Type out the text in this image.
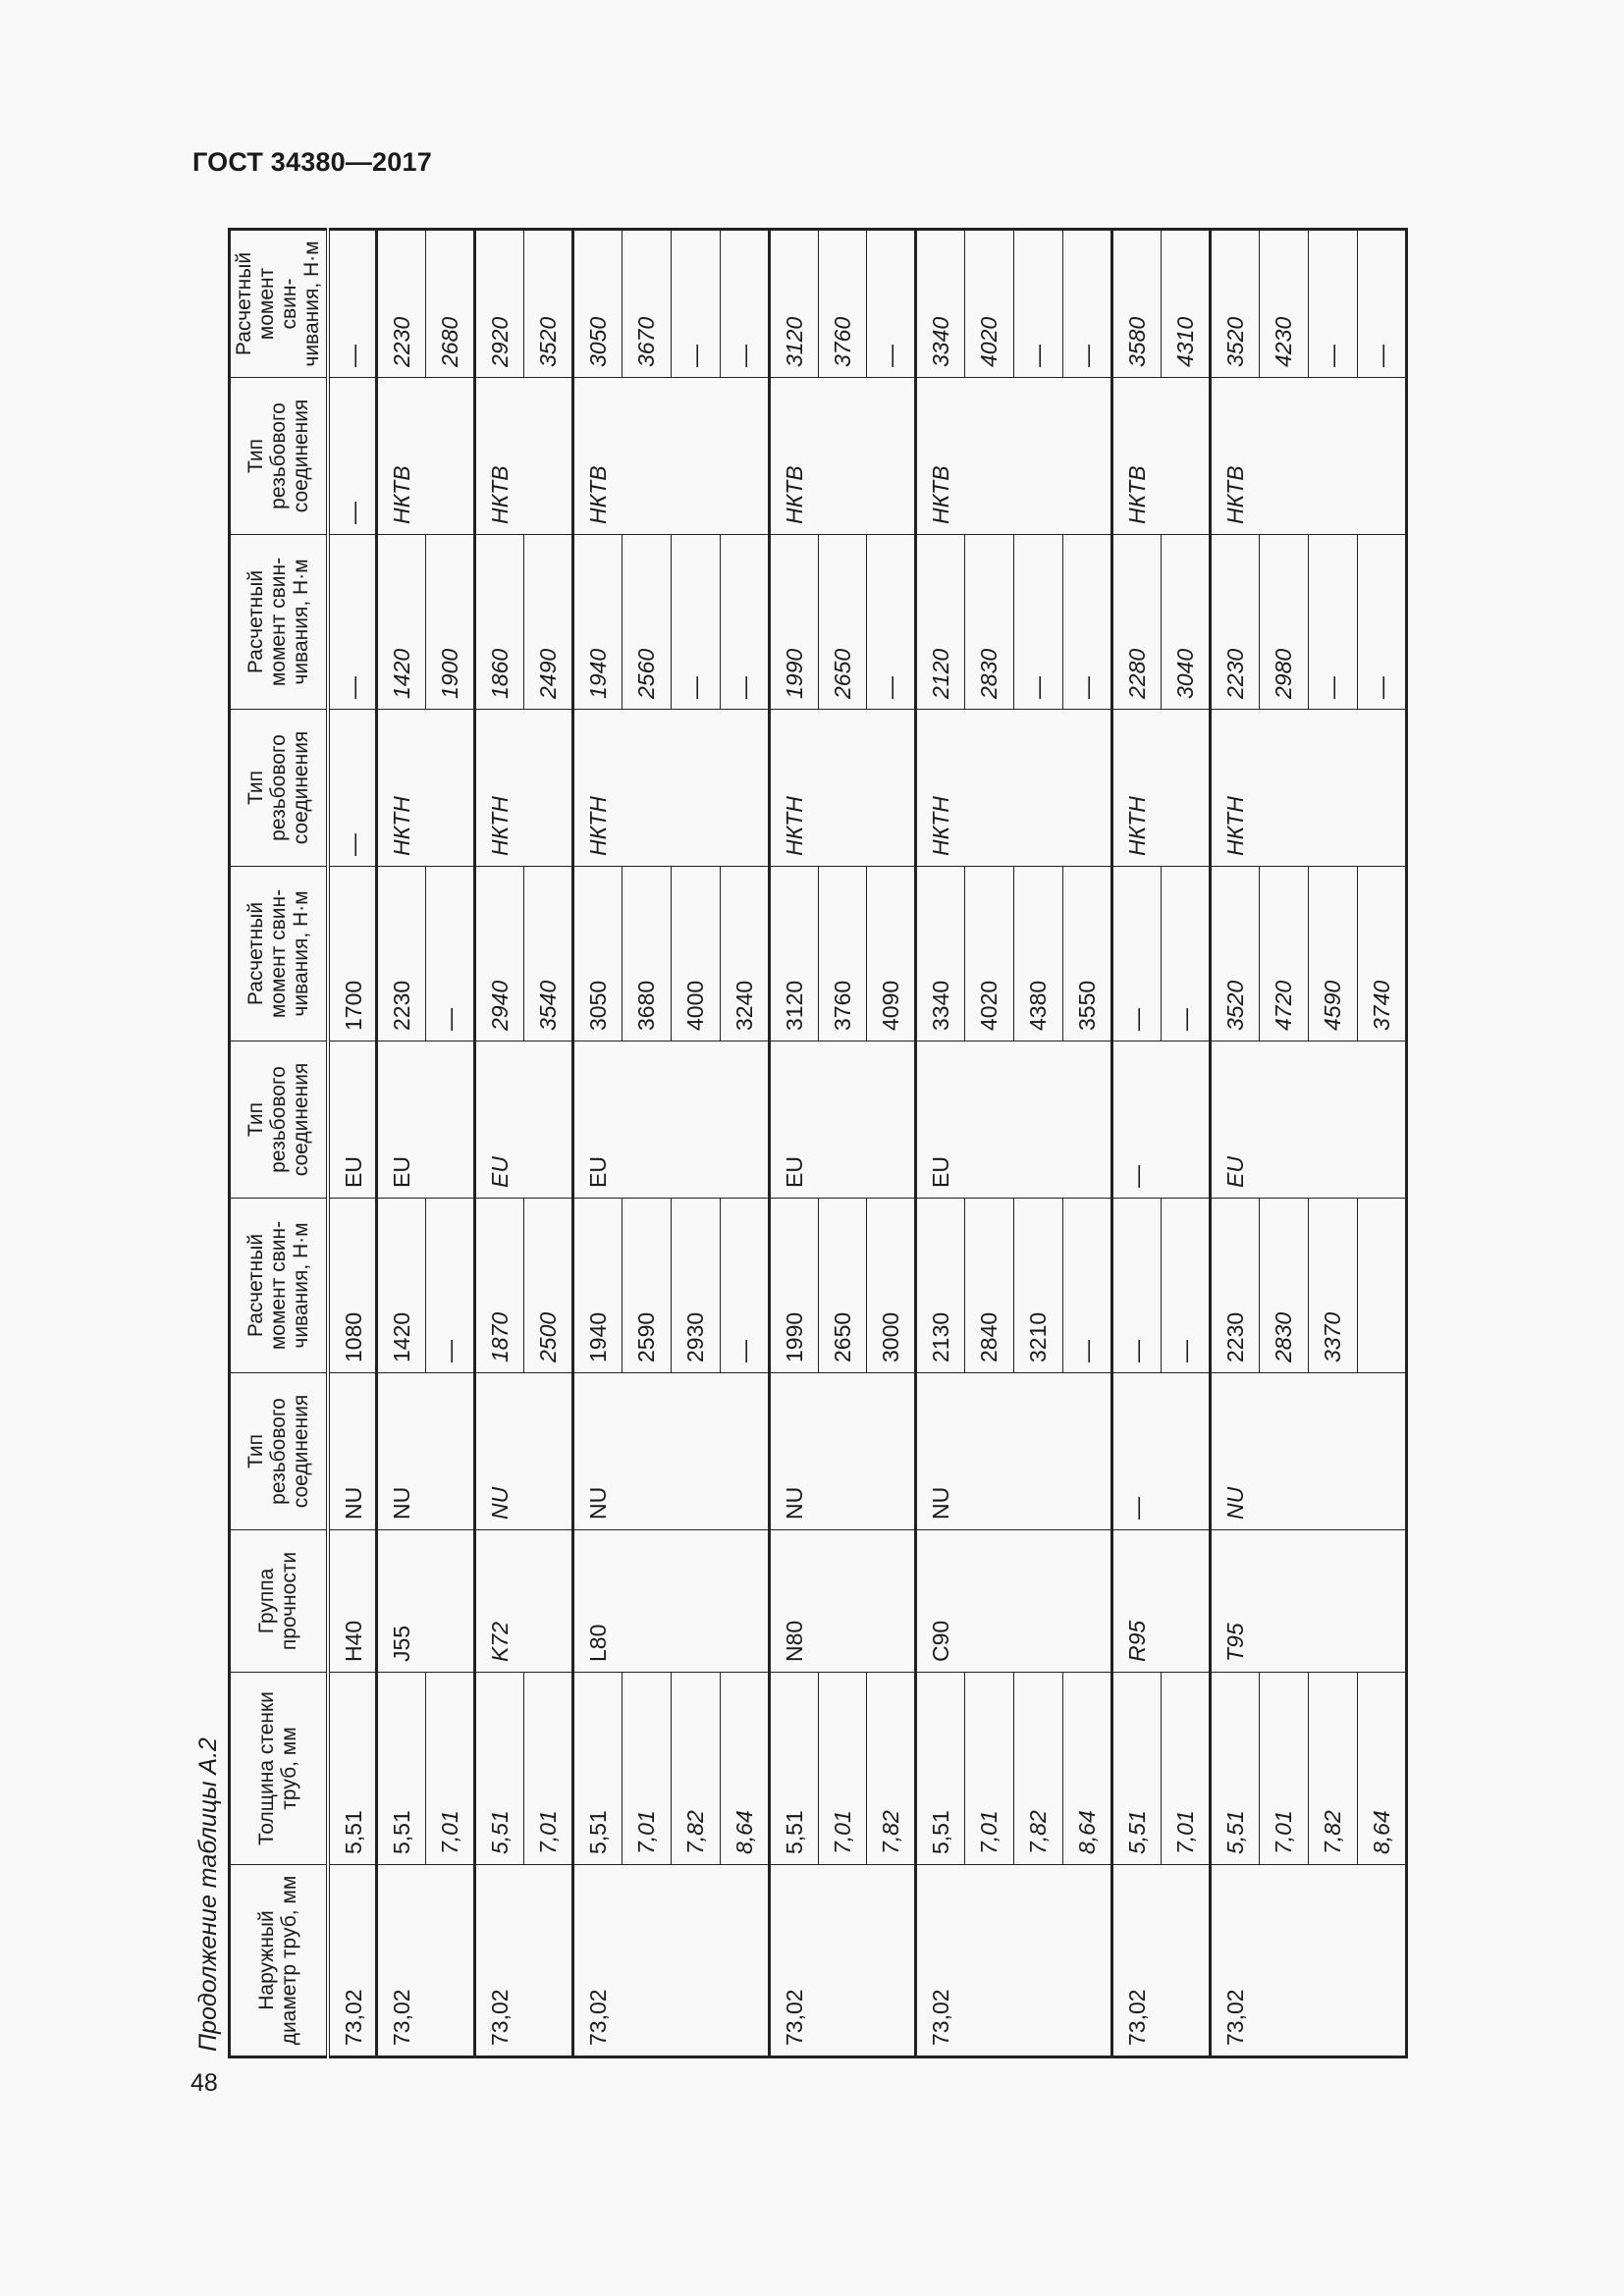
ГОСТ 34380—2017
Продолжение таблицы А.2
48
Наружный диаметр труб, мм	Толщина стенки труб, мм	Группа прочности	Тип резьбового соединения	Расчетный момент свин-чивания, Н·м	Тип резьбового соединения	Расчетный момент свин-чивания, Н·м	Тип резьбового соединения	Расчетный момент свин-чивания, Н·м	Тип резьбового соединения	Расчетный момент свин-чивания, Н·м
73,02	5,51	H40	NU	1080	EU	1700	—	—	—	—
73,02	5,51	J55	NU	1420	EU	2230	НКТН	1420	НКТВ	2230
	7,01			—		—		1900		2680
73,02	5,51	K72	NU	1870	EU	2940	НКТН	1860	НКТВ	2920
	7,01			2500		3540		2490		3520
73,02	5,51	L80	NU	1940	EU	3050	НКТН	1940	НКТВ	3050
	7,01			2590		3680		2560		3670
	7,82			2930		4000		—		—
	8,64			—		3240		—		—
73,02	5,51	N80	NU	1990	EU	3120	НКТН	1990	НКТВ	3120
	7,01			2650		3760		2650		3760
	7,82			3000		4090		—		—
73,02	5,51	C90	NU	2130	EU	3340	НКТН	2120	НКТВ	3340
	7,01			2840		4020		2830		4020
	7,82			3210		4380		—		—
	8,64			—		3550		—		—
73,02	5,51	R95	—	—	—	—	НКТН	2280	НКТВ	3580
	7,01			—		—		3040		4310
73,02	5,51	T95	NU	2230	EU	3520	НКТН	2230	НКТВ	3520
	7,01			2830		4720		2980		4230
	7,82			3370		4590		—		—
	8,64					3740		—		—
